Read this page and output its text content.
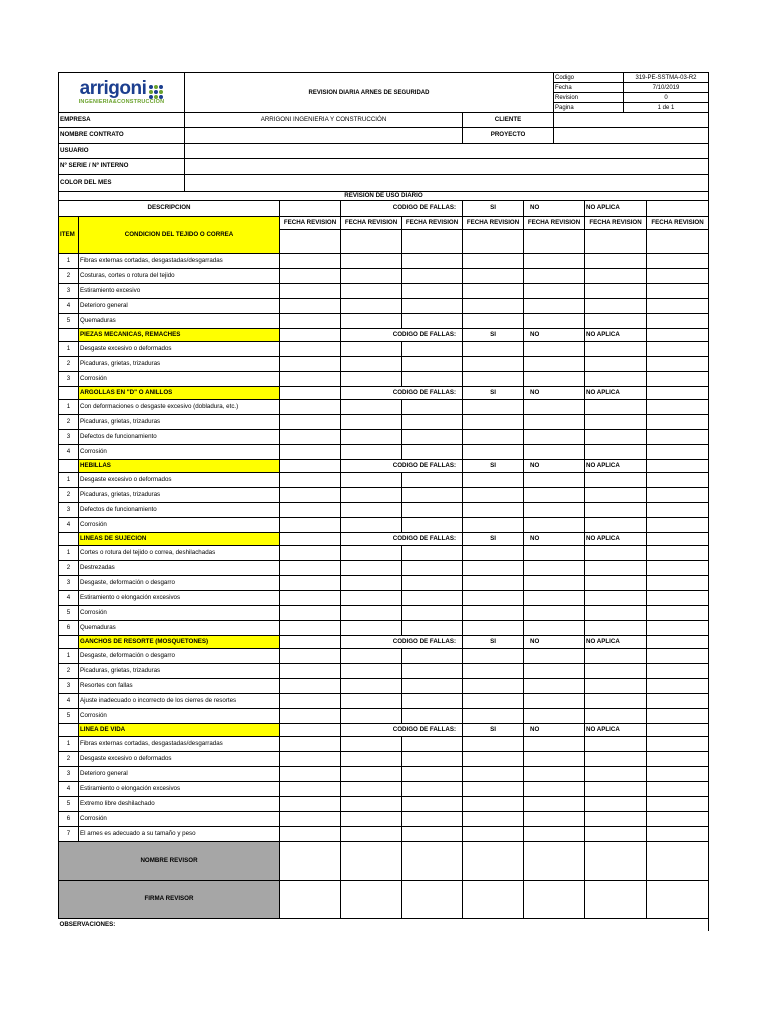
arrigoni

INGENIERIA&CONSTRUCCION	REVISION DIARIA ARNES DE SEGURIDAD	Codigo	319-PE-SSTMA-03-R2
		Fecha	7/10/2019
		Revision	0
		Pagina	1 de 1
EMPRESA	ARRIGONI INGENIERIA Y CONSTRUCCIÓN	CLIENTE	
NOMBRE CONTRATO		PROYECTO	
USUARIO			
Nº SERIE / Nº INTERNO			
COLOR DEL MES			
REVISIÓN DE USO DIARIO			
DESCRIPCION			CODIGO DE FALLAS:		SI	NO	NO APLICA	
ITEM	CONDICION DEL TEJIDO O CORREA	FECHA REVISION	FECHA REVISION	FECHA REVISION	FECHA REVISION	FECHA REVISION	FECHA REVISION	FECHA REVISION

1	Fibras externas cortadas, desgastadas/desgarradas							
2	Costuras, cortes o rotura del tejido							
3	Estiramiento excesivo							
4	Deterioro general							
5	Quemaduras							
	PIEZAS MECANICAS, REMACHES		CODIGO DE FALLAS:		SI	NO	NO APLICA	
1	Desgaste excesivo o deformados							
2	Picaduras, grietas, trizaduras							
3	Corrosión							
	ARGOLLAS EN "D" O ANILLOS		CODIGO DE FALLAS:		SI	NO	NO APLICA	
1	Con deformaciones o desgaste excesivo (dobladura, etc.)							
2	Picaduras, grietas, trizaduras							
3	Defectos de funcionamiento							
4	Corrosión							
	HEBILLAS		CODIGO DE FALLAS:		SI	NO	NO APLICA	
1	Desgaste excesivo o deformados							
2	Picaduras, grietas, trizaduras							
3	Defectos de funcionamiento							
4	Corrosión							
	LINEAS DE SUJECION		CODIGO DE FALLAS:		SI	NO	NO APLICA	
1	Cortes o rotura del tejido o correa, deshilachadas							
2	Destrezadas							
3	Desgaste, deformación o desgarro							
4	Estiramiento o elongación excesivos							
5	Corrosión							
6	Quemaduras							
	GANCHOS DE RESORTE (MOSQUETONES)		CODIGO DE FALLAS:		SI	NO	NO APLICA	
1	Desgaste, deformación o desgarro							
2	Picaduras, grietas, trizaduras							
3	Resortes con fallas							
4	Ajuste inadecuado o incorrecto de los cierres de resortes							
5	Corrosión							
	LINEA DE VIDA		CODIGO DE FALLAS:		SI	NO	NO APLICA	
1	Fibras externas cortadas, desgastadas/desgarradas							
2	Desgaste excesivo o deformados							
3	Deterioro general							
4	Estiramiento o elongación excesivos							
5	Extremo libre deshilachado							
6	Corrosión							
7	El arnes es adecuado a su tamaño y peso							
NOMBRE REVISOR								
FIRMA REVISOR								
OBSERVACIONES:								
